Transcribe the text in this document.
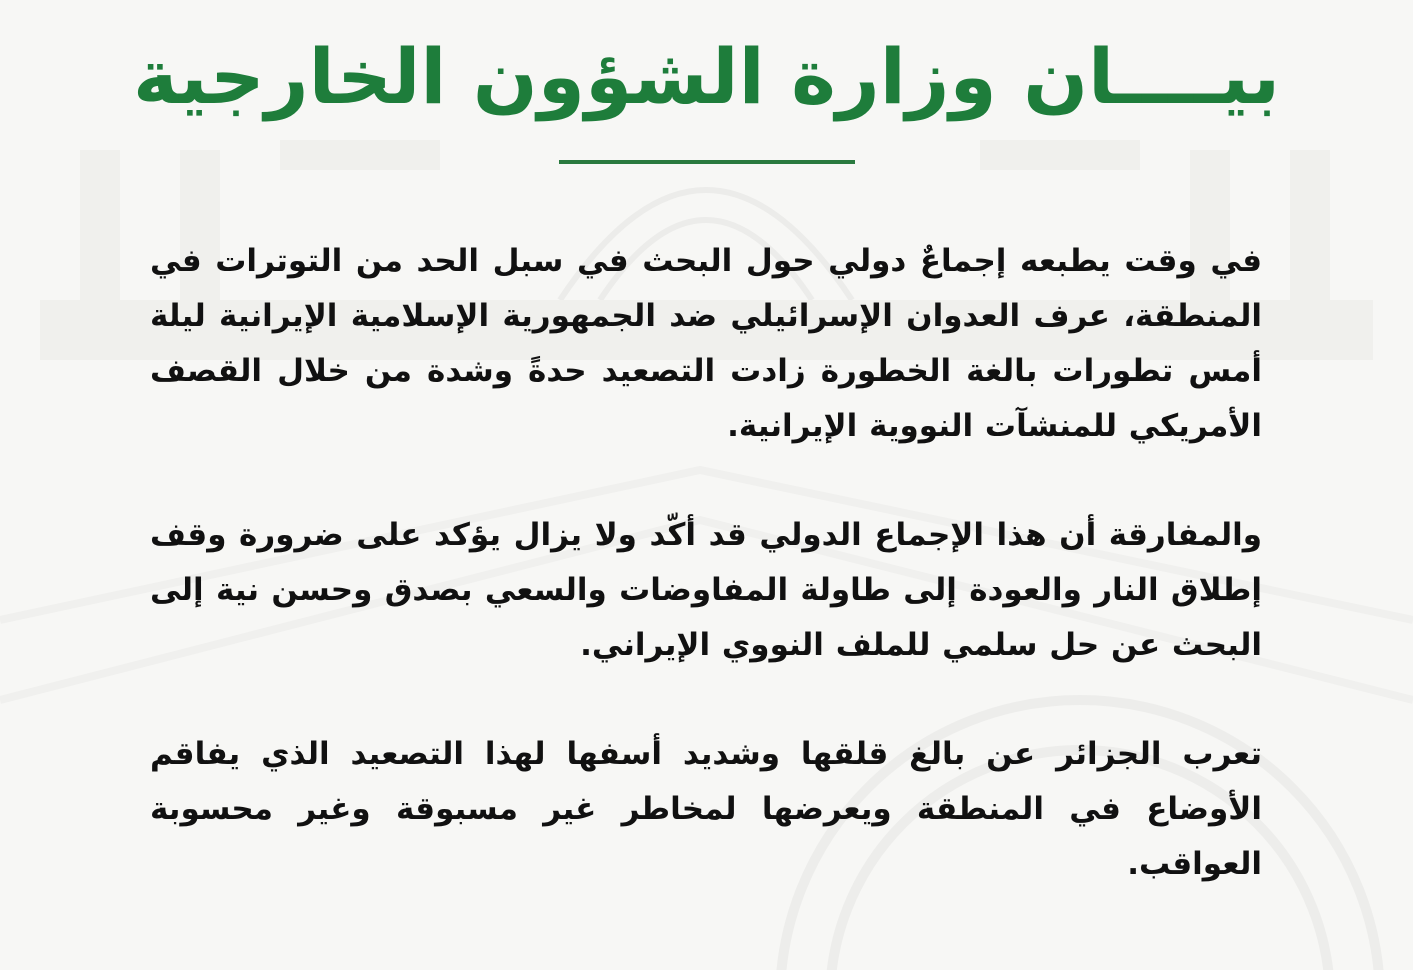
بيــــان وزارة الشؤون الخارجية

في وقت يطبعه إجماعٌ دولي حول البحث في سبل الحد من التوترات في المنطقة، عرف العدوان الإسرائيلي ضد الجمهورية الإسلامية الإيرانية ليلة أمس تطورات بالغة الخطورة زادت التصعيد حدةً وشدة من خلال القصف الأمريكي للمنشآت النووية الإيرانية.

والمفارقة أن هذا الإجماع الدولي قد أكّد ولا يزال يؤكد على ضرورة وقف إطلاق النار والعودة إلى طاولة المفاوضات والسعي بصدق وحسن نية إلى البحث عن حل سلمي للملف النووي الإيراني.

تعرب الجزائر عن بالغ قلقها وشديد أسفها لهذا التصعيد الذي يفاقم الأوضاع في المنطقة ويعرضها لمخاطر غير مسبوقة وغير محسوبة العواقب.
